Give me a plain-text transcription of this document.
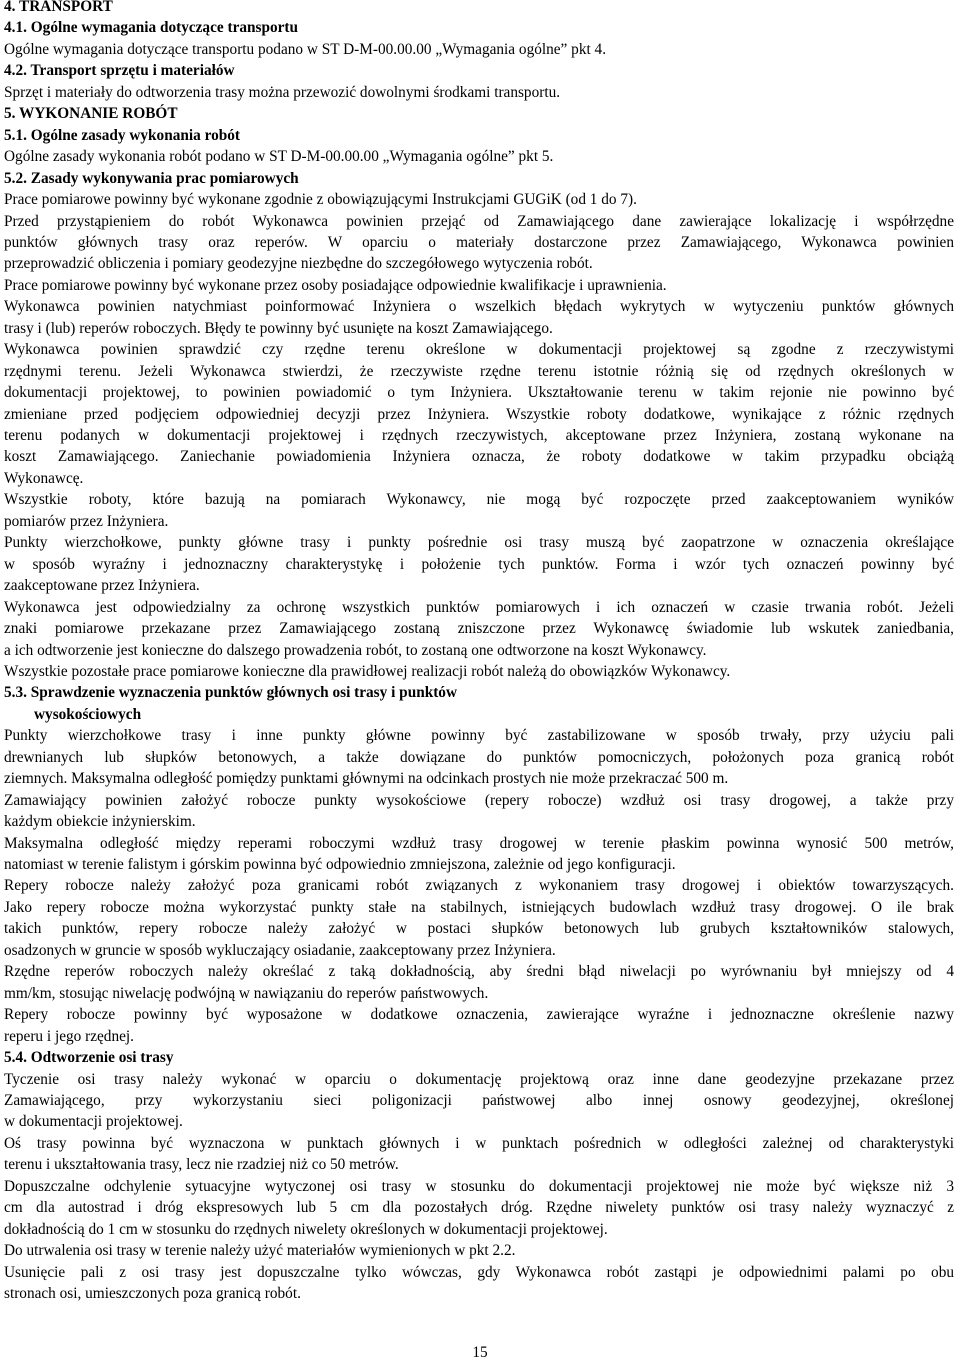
4. TRANSPORT
4.1. Ogólne wymagania dotyczące transportu
Ogólne wymagania dotyczące transportu podano w ST D-M-00.00.00 „Wymagania ogólne” pkt 4.
4.2. Transport sprzętu i materiałów
Sprzęt i materiały do odtworzenia trasy można przewozić dowolnymi środkami transportu.
5. WYKONANIE ROBÓT
5.1. Ogólne zasady wykonania robót
Ogólne zasady wykonania robót podano w ST D-M-00.00.00 „Wymagania ogólne” pkt 5.
5.2. Zasady wykonywania prac pomiarowych
Prace pomiarowe powinny być wykonane zgodnie z obowiązującymi Instrukcjami GUGiK (od 1 do 7).
Przed przystąpieniem do robót Wykonawca powinien przejąć od Zamawiającego dane zawierające lokalizację i współrzędne
punktów głównych trasy oraz reperów. W oparciu o materiały dostarczone przez Zamawiającego, Wykonawca powinien
przeprowadzić obliczenia i pomiary geodezyjne niezbędne do szczegółowego wytyczenia robót.
Prace pomiarowe powinny być wykonane przez osoby posiadające odpowiednie kwalifikacje i uprawnienia.
Wykonawca powinien natychmiast poinformować Inżyniera o wszelkich błędach wykrytych w wytyczeniu punktów głównych
trasy i (lub) reperów roboczych. Błędy te powinny być usunięte na koszt Zamawiającego.
Wykonawca powinien sprawdzić czy rzędne terenu określone w dokumentacji projektowej są zgodne z rzeczywistymi
rzędnymi terenu. Jeżeli Wykonawca stwierdzi, że rzeczywiste rzędne terenu istotnie różnią się od rzędnych określonych w
dokumentacji projektowej, to powinien powiadomić o tym Inżyniera. Ukształtowanie terenu w takim rejonie nie powinno być
zmieniane przed podjęciem odpowiedniej decyzji przez Inżyniera. Wszystkie roboty dodatkowe, wynikające z różnic rzędnych
terenu podanych w dokumentacji projektowej i rzędnych rzeczywistych, akceptowane przez Inżyniera, zostaną wykonane na
koszt Zamawiającego. Zaniechanie powiadomienia Inżyniera oznacza, że roboty dodatkowe w takim przypadku obciążą
Wykonawcę.
Wszystkie roboty, które bazują na pomiarach Wykonawcy, nie mogą być rozpoczęte przed zaakceptowaniem wyników
pomiarów przez Inżyniera.
Punkty wierzchołkowe, punkty główne trasy i punkty pośrednie osi trasy muszą być zaopatrzone w oznaczenia określające
w sposób wyraźny i jednoznaczny charakterystykę i położenie tych punktów. Forma i wzór tych oznaczeń powinny być
zaakceptowane przez Inżyniera.
Wykonawca jest odpowiedzialny za ochronę wszystkich punktów pomiarowych i ich oznaczeń w czasie trwania robót. Jeżeli
znaki pomiarowe przekazane przez Zamawiającego zostaną zniszczone przez Wykonawcę świadomie lub wskutek zaniedbania,
a ich odtworzenie jest konieczne do dalszego prowadzenia robót, to zostaną one odtworzone na koszt Wykonawcy.
Wszystkie pozostałe prace pomiarowe konieczne dla prawidłowej realizacji robót należą do obowiązków Wykonawcy.
5.3. Sprawdzenie wyznaczenia punktów głównych osi trasy i punktów
wysokościowych
Punkty wierzchołkowe trasy i inne punkty główne powinny być zastabilizowane w sposób trwały, przy użyciu pali
drewnianych lub słupków betonowych, a także dowiązane do punktów pomocniczych, położonych poza granicą robót
ziemnych. Maksymalna odległość pomiędzy punktami głównymi na odcinkach prostych nie może przekraczać 500 m.
Zamawiający powinien założyć robocze punkty wysokościowe (repery robocze) wzdłuż osi trasy drogowej, a także przy
każdym obiekcie inżynierskim.
Maksymalna odległość między reperami roboczymi wzdłuż trasy drogowej w terenie płaskim powinna wynosić 500 metrów,
natomiast w terenie falistym i górskim powinna być odpowiednio zmniejszona, zależnie od jego konfiguracji.
Repery robocze należy założyć poza granicami robót związanych z wykonaniem trasy drogowej i obiektów towarzyszących.
Jako repery robocze można wykorzystać punkty stałe na stabilnych, istniejących budowlach wzdłuż trasy drogowej. O ile brak
takich punktów, repery robocze należy założyć w postaci słupków betonowych lub grubych kształtowników stalowych,
osadzonych w gruncie w sposób wykluczający osiadanie, zaakceptowany przez Inżyniera.
Rzędne reperów roboczych należy określać z taką dokładnością, aby średni błąd niwelacji po wyrównaniu był mniejszy od 4
mm/km, stosując niwelację podwójną w nawiązaniu do reperów państwowych.
Repery robocze powinny być wyposażone w dodatkowe oznaczenia, zawierające wyraźne i jednoznaczne określenie nazwy
reperu i jego rzędnej.
5.4. Odtworzenie osi trasy
Tyczenie osi trasy należy wykonać w oparciu o dokumentację projektową oraz inne dane geodezyjne przekazane przez
Zamawiającego, przy wykorzystaniu sieci poligonizacji państwowej albo innej osnowy geodezyjnej, określonej
w dokumentacji projektowej.
Oś trasy powinna być wyznaczona w punktach głównych i w punktach pośrednich w odległości zależnej od charakterystyki
terenu i ukształtowania trasy, lecz nie rzadziej niż co 50 metrów.
Dopuszczalne odchylenie sytuacyjne wytyczonej osi trasy w stosunku do dokumentacji projektowej nie może być większe niż 3
cm dla autostrad i dróg ekspresowych lub 5 cm dla pozostałych dróg. Rzędne niwelety punktów osi trasy należy wyznaczyć z
dokładnością do 1 cm w stosunku do rzędnych niwelety określonych w dokumentacji projektowej.
Do utrwalenia osi trasy w terenie należy użyć materiałów wymienionych w pkt 2.2.
Usunięcie pali z osi trasy jest dopuszczalne tylko wówczas, gdy Wykonawca robót zastąpi je odpowiednimi palami po obu
stronach osi, umieszczonych poza granicą robót.
15
